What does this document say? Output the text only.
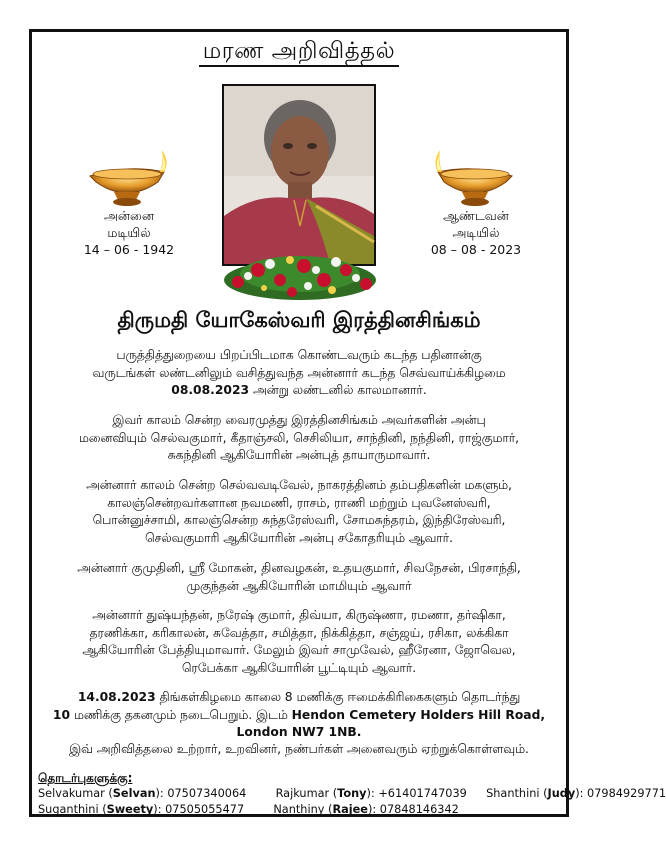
மரண அறிவித்தல்
அன்னை
மடியில்
14 – 06 - 1942
ஆண்டவன்
அடியில்
08 – 08 - 2023
திருமதி யோகேஸ்வரி இரத்தினசிங்கம்
பருத்தித்துறையை பிறப்பிடமாக கொண்டவரும் கடந்த பதினான்கு
வருடங்கள் லண்டனிலும் வசித்துவந்த அன்னார் கடந்த செவ்வாய்க்கிழமை
08.08.2023 அன்று லண்டனில் காலமானார்.
இவர் காலம் சென்ற வைரமுத்து இரத்தினசிங்கம் அவர்களின் அன்பு
மனைவியும் செல்வகுமார், கீதாஞ்சலி, செசிலியா, சாந்தினி, நந்தினி, ராஜ்குமார்,
சுகந்தினி ஆகியோரின் அன்புத் தாயாருமாவார்.
அன்னார் காலம் சென்ற செல்வவடிவேல், நாகரத்தினம் தம்பதிகளின் மகளும்,
காலஞ்சென்றவர்களான நவமணி, ராசம், ராணி மற்றும் புவனேஸ்வரி,
பொன்னுச்சாமி, காலஞ்சென்ற சுந்தரேஸ்வரி, சோமசுந்தரம், இந்திரேஸ்வரி,
செல்வகுமாரி ஆகியோரின் அன்பு சகோதரியும் ஆவார்.
அன்னார் குமுதினி, ஸ்ரீ மோகன், தினவழகன், உதயகுமார், சிவநேசன், பிரசாந்தி,
முகுந்தன் ஆகியோரின் மாமியும் ஆவார்
அன்னார் துஷ்யந்தன், நரேஷ் குமார், திவ்யா, கிருஷ்ணா, ரமணா, தர்ஷிகா,
தரணிக்கா, கரிகாலன், சுவேத்தா, சமித்தா, நிக்கித்தா, சஞ்ஜய், ரசிகா, லக்கிகா
ஆகியோரின் பேத்தியுமாவார். மேலும் இவர் சாமுவேல், ஹீரேனா, ஜோவெல,
ரெபேக்கா ஆகியோரின் பூட்டியும் ஆவார்.
14.08.2023 திங்கள்கிழமை காலை 8 மணிக்கு ஈமைக்கிரிகைகளும் தொடர்ந்து
10 மணிக்கு தகனமும் நடைபெறும். இடம் Hendon Cemetery Holders Hill Road,
London NW7 1NB.
இவ் அறிவித்தலை உற்றார், உறவினர், நண்பர்கள் அனைவரும் ஏற்றுக்கொள்ளவும்.
தொடர்புகளுக்கு:
Selvakumar (Selvan): 07507340064	Rajkumar (Tony): +61401747039 Shanthini (Judy): 07984929771
Suganthini (Sweety): 07505055477	Nanthiny (Rajee): 07848146342
